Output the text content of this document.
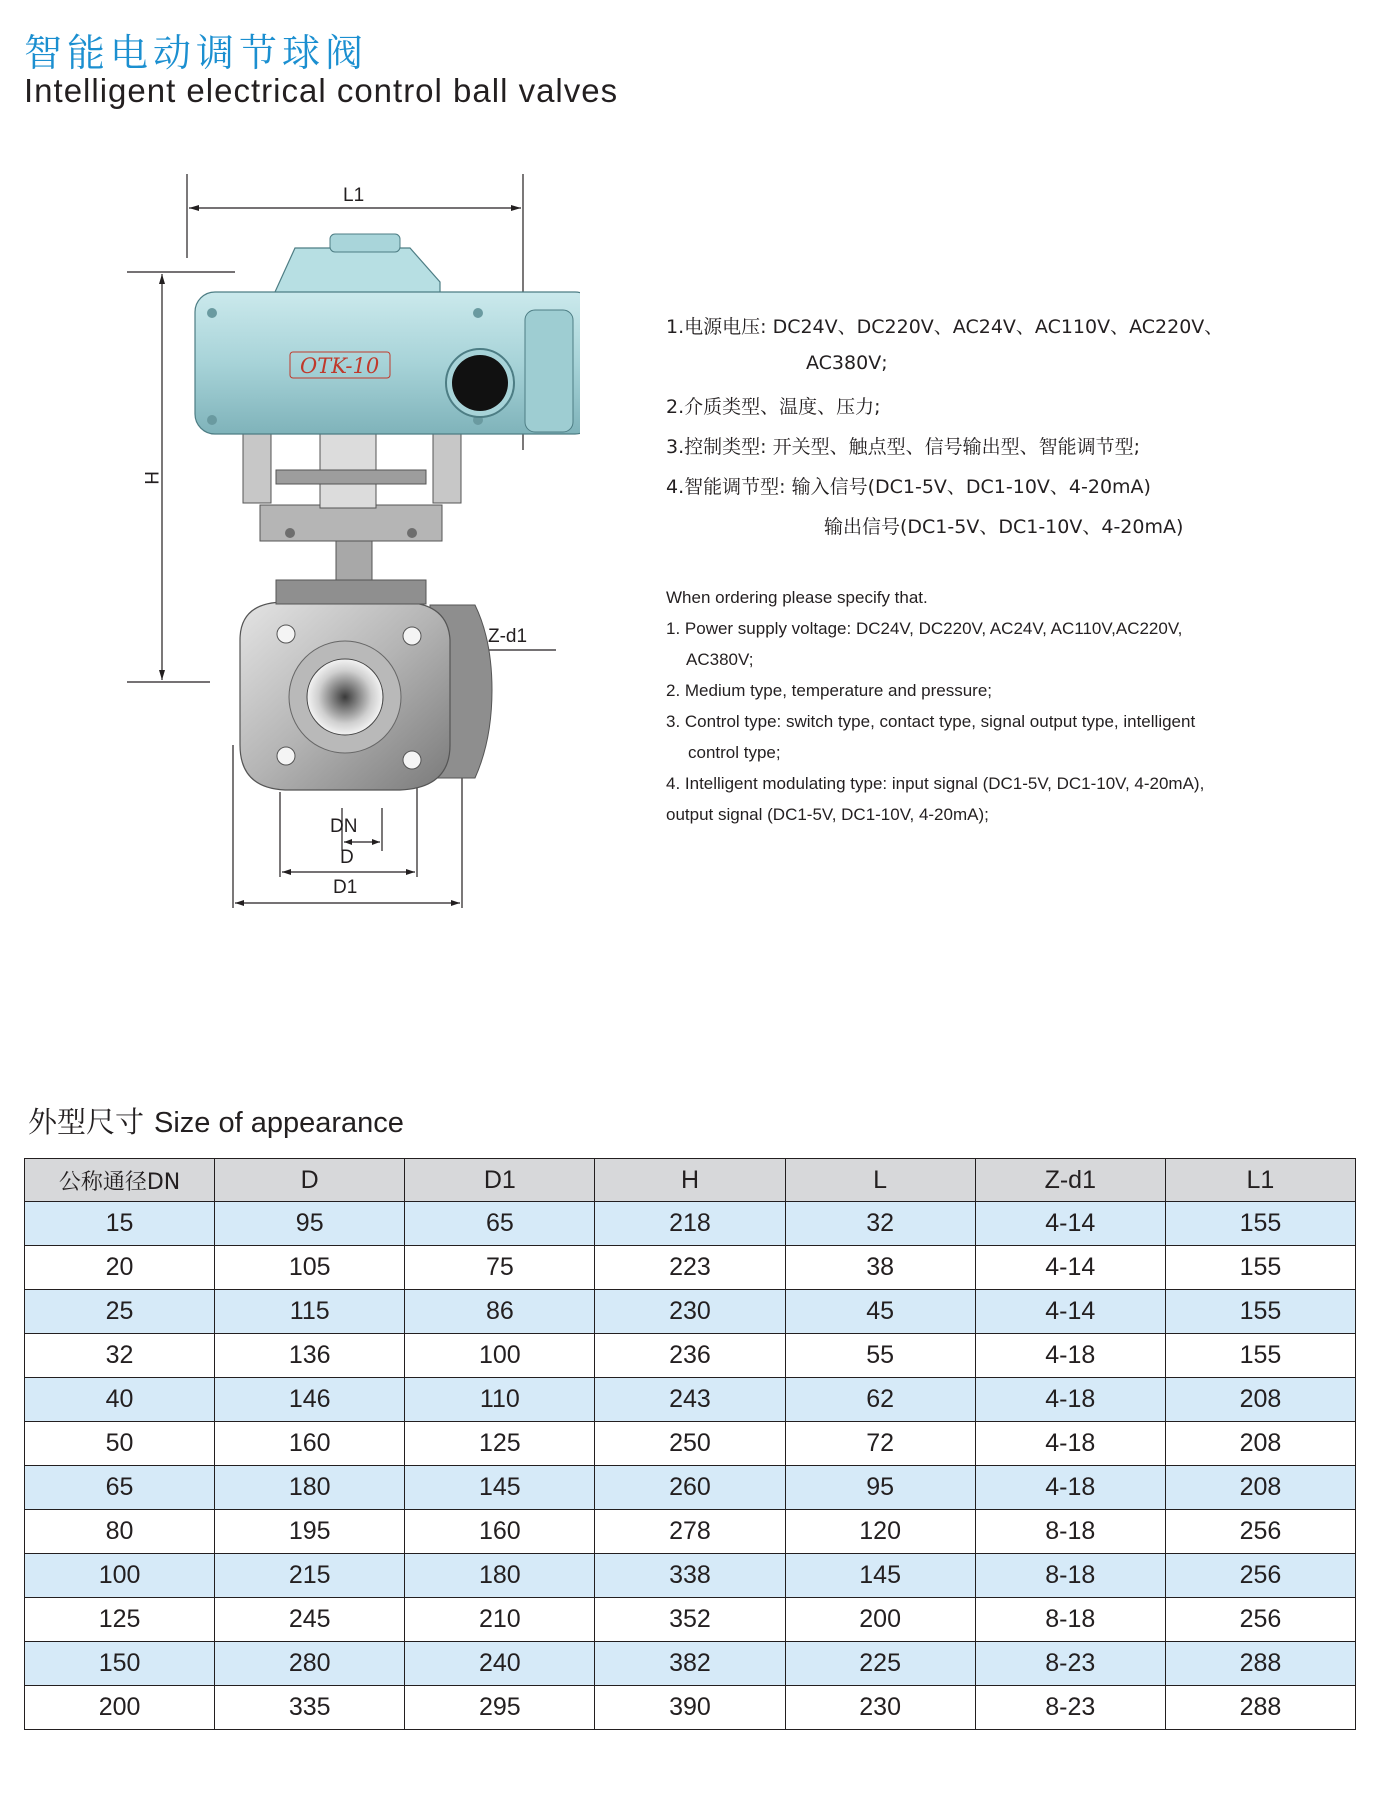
智能电动调节球阀
Intelligent electrical control ball valves
OTK-10
L1
H
Z-d1
DN
D
D1
1.电源电压: DC24V、DC220V、AC24V、AC110V、AC220V、
AC380V;
2.介质类型、温度、压力;
3.控制类型: 开关型、触点型、信号输出型、智能调节型;
4.智能调节型: 输入信号(DC1-5V、DC1-10V、4-20mA)
输出信号(DC1-5V、DC1-10V、4-20mA)
When ordering please specify that.
1. Power supply voltage: DC24V, DC220V, AC24V, AC110V,AC220V,
AC380V;
2. Medium type, temperature and pressure;
3. Control type: switch type, contact type, signal output type, intelligent
control type;
4. Intelligent modulating type: input signal (DC1-5V, DC1-10V, 4-20mA),
output signal (DC1-5V, DC1-10V, 4-20mA);
外型尺寸 Size of appearance
公称通径DN	D	D1	H	L	Z-d1	L1
15	95	65	218	32	4-14	155
20	105	75	223	38	4-14	155
25	115	86	230	45	4-14	155
32	136	100	236	55	4-18	155
40	146	110	243	62	4-18	208
50	160	125	250	72	4-18	208
65	180	145	260	95	4-18	208
80	195	160	278	120	8-18	256
100	215	180	338	145	8-18	256
125	245	210	352	200	8-18	256
150	280	240	382	225	8-23	288
200	335	295	390	230	8-23	288
